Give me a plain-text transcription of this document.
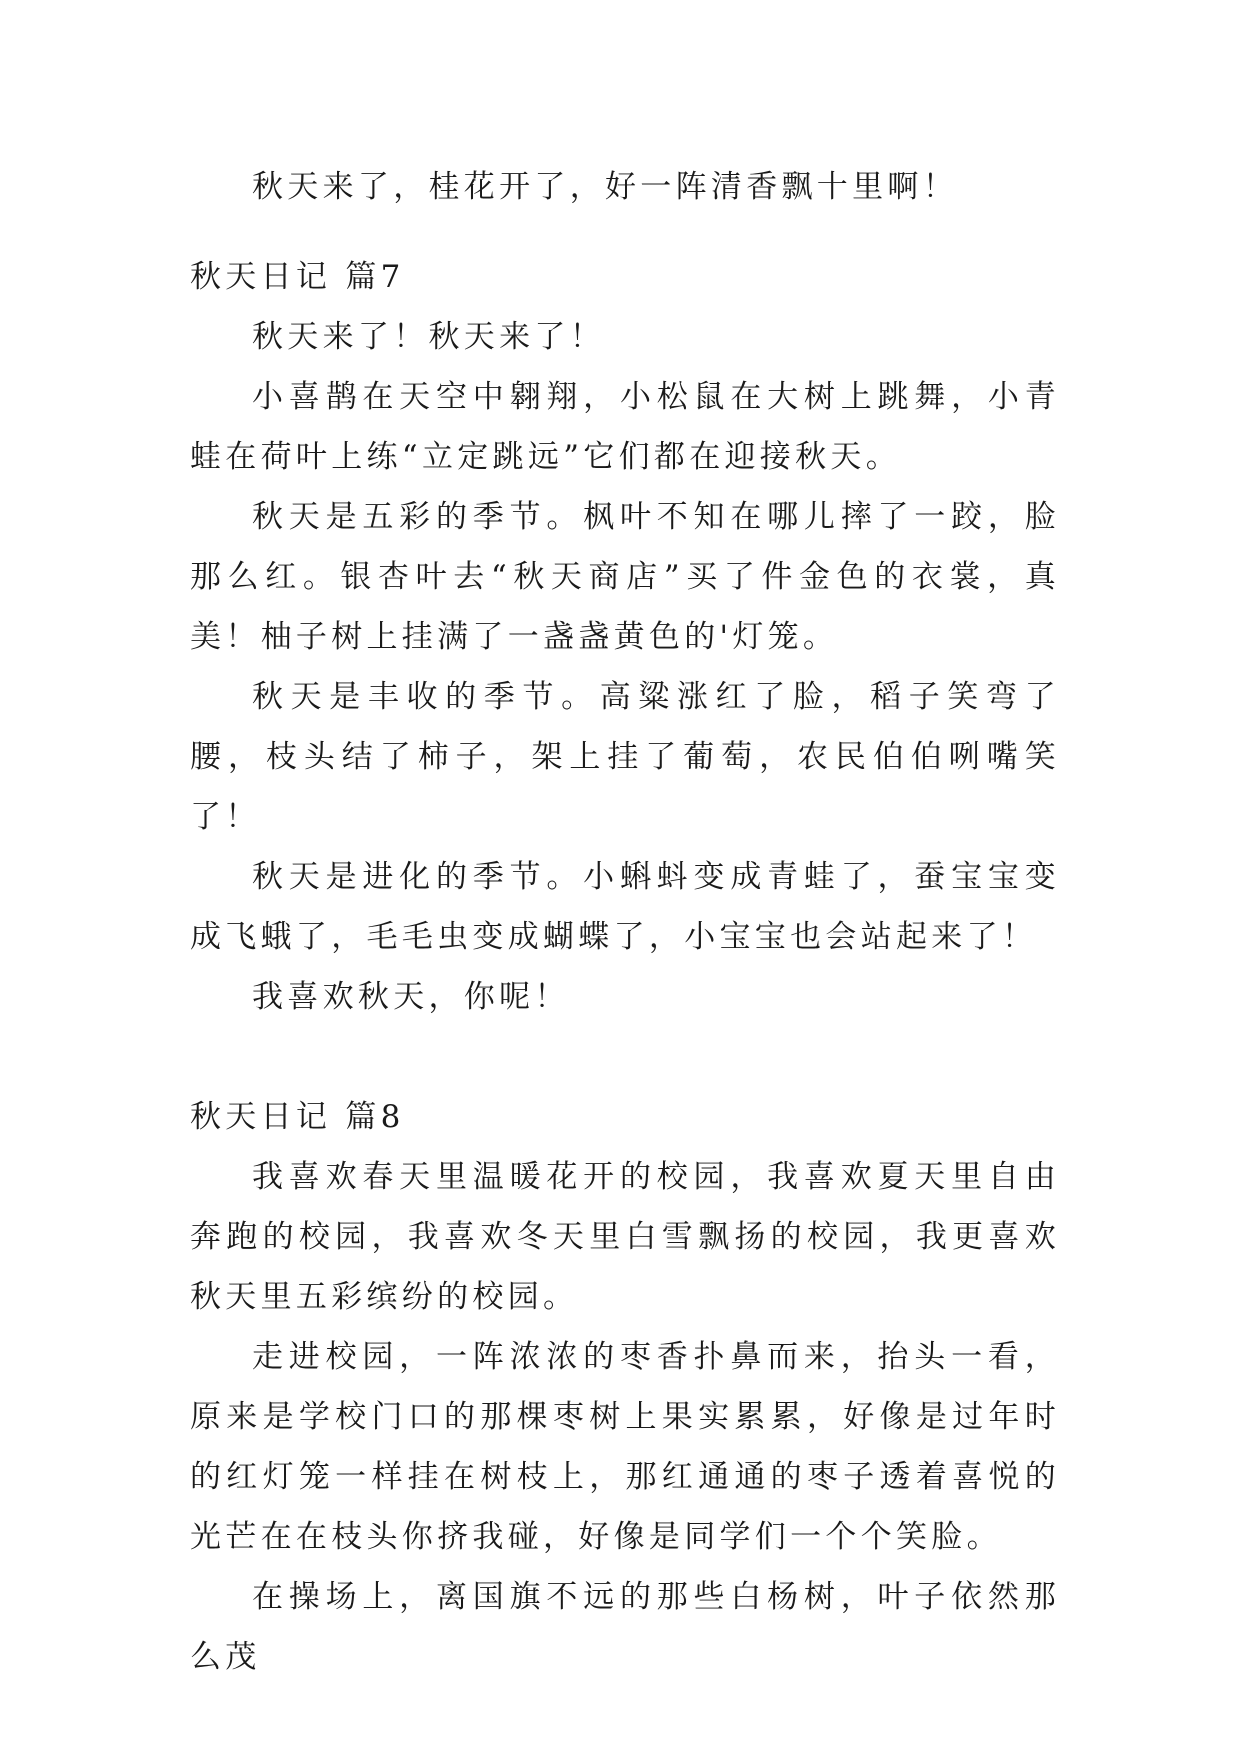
秋天来了，桂花开了，好一阵清香飘十里啊！

秋天日记 篇7

秋天来了！秋天来了！

小喜鹊在天空中翱翔，小松鼠在大树上跳舞，小青蛙在荷叶上练“立定跳远”它们都在迎接秋天。

秋天是五彩的季节。枫叶不知在哪儿摔了一跤，脸那么红。银杏叶去“秋天商店”买了件金色的衣裳，真美！柚子树上挂满了一盏盏黄色的'灯笼。

秋天是丰收的季节。高粱涨红了脸，稻子笑弯了腰，枝头结了柿子，架上挂了葡萄，农民伯伯咧嘴笑了！

秋天是进化的季节。小蝌蚪变成青蛙了，蚕宝宝变成飞蛾了，毛毛虫变成蝴蝶了，小宝宝也会站起来了！

我喜欢秋天，你呢！

秋天日记 篇8

我喜欢春天里温暖花开的校园，我喜欢夏天里自由奔跑的校园，我喜欢冬天里白雪飘扬的校园，我更喜欢秋天里五彩缤纷的校园。

走进校园，一阵浓浓的枣香扑鼻而来，抬头一看，原来是学校门口的那棵枣树上果实累累，好像是过年时的红灯笼一样挂在树枝上，那红通通的枣子透着喜悦的光芒在在枝头你挤我碰，好像是同学们一个个笑脸。

在操场上，离国旗不远的那些白杨树，叶子依然那么茂
